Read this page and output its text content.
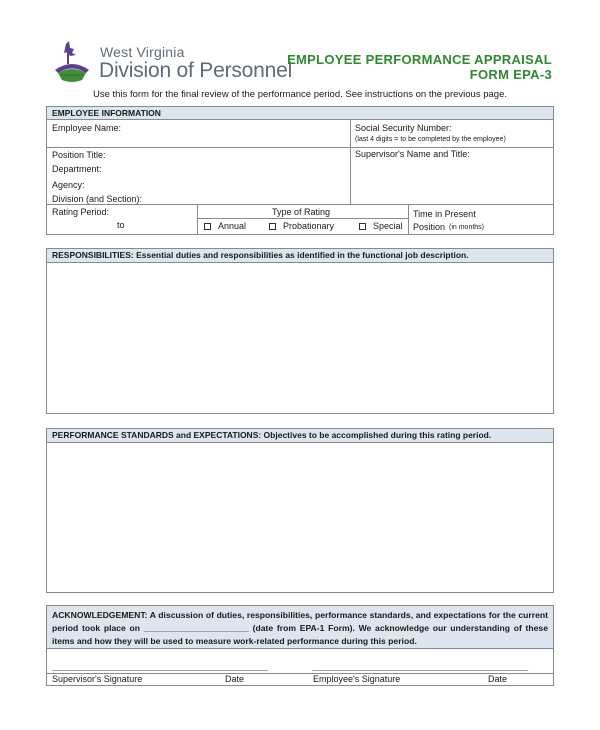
West Virginia
Division of Personnel
EMPLOYEE PERFORMANCE APPRAISAL
FORM EPA-3
Use this form for the final review of the performance period. See instructions on the previous page.
EMPLOYEE INFORMATION
Employee Name:	Social Security Number:
(last 4 digits = to be completed by the employee)
Position Title:	Supervisor's Name and Title:
Department:
Agency:
Division (and Section):
Rating Period:
to
Type of Rating
Annual	Probationary	Special
Time in Present
Position (in months)
RESPONSIBILITIES: Essential duties and responsibilities as identified in the functional job description.
PERFORMANCE STANDARDS and EXPECTATIONS: Objectives to be accomplished during this rating period.
ACKNOWLEDGEMENT: A discussion of duties, responsibilities, performance standards, and expectations for the current period took place on ______________________ (date from EPA-1 Form). We acknowledge our understanding of these items and how they will be used to measure work-related performance during this period.
________________________________________________________	________________________________________________________
Supervisor's Signature	Date	Employee's Signature	Date
